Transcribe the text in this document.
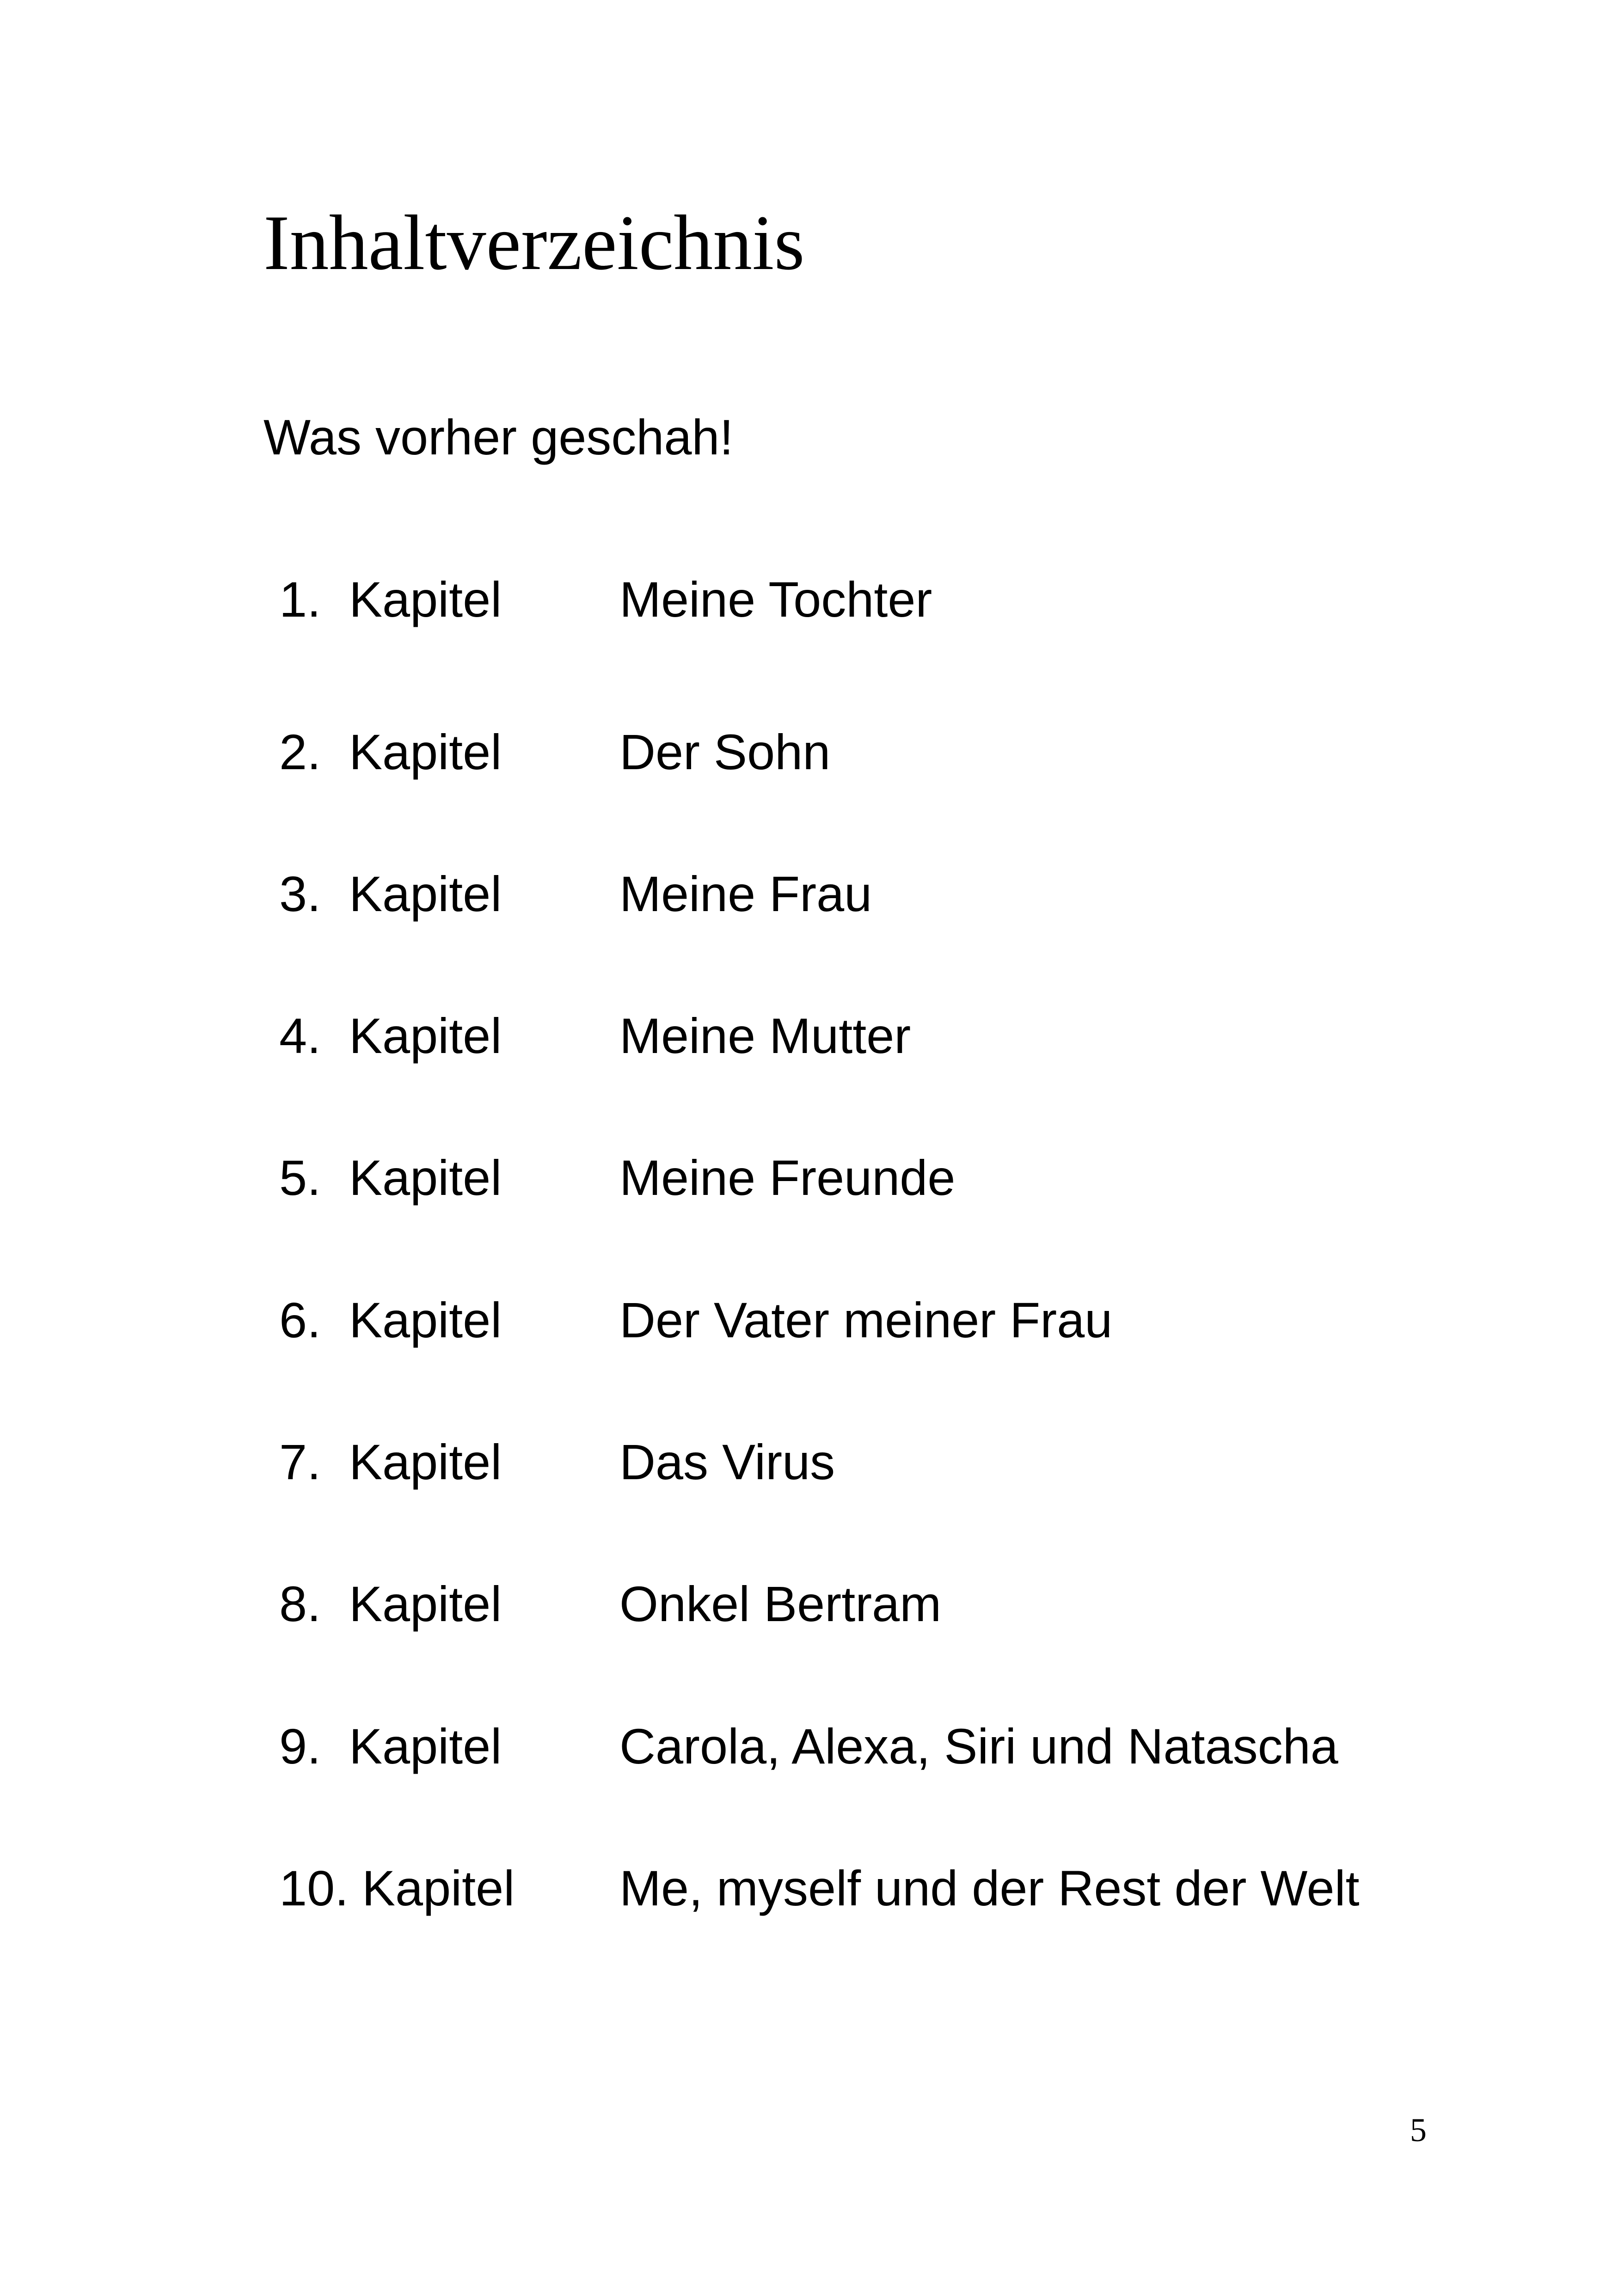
Inhaltverzeichnis
Was vorher geschah!
1. Kapitel Meine Tochter
2. Kapitel Der Sohn
3. Kapitel Meine Frau
4. Kapitel Meine Mutter
5. Kapitel Meine Freunde
6. Kapitel Der Vater meiner Frau
7. Kapitel Das Virus
8. Kapitel Onkel Bertram
9. Kapitel Carola, Alexa, Siri und Natascha
10. Kapitel Me, myself und der Rest der Welt
5
